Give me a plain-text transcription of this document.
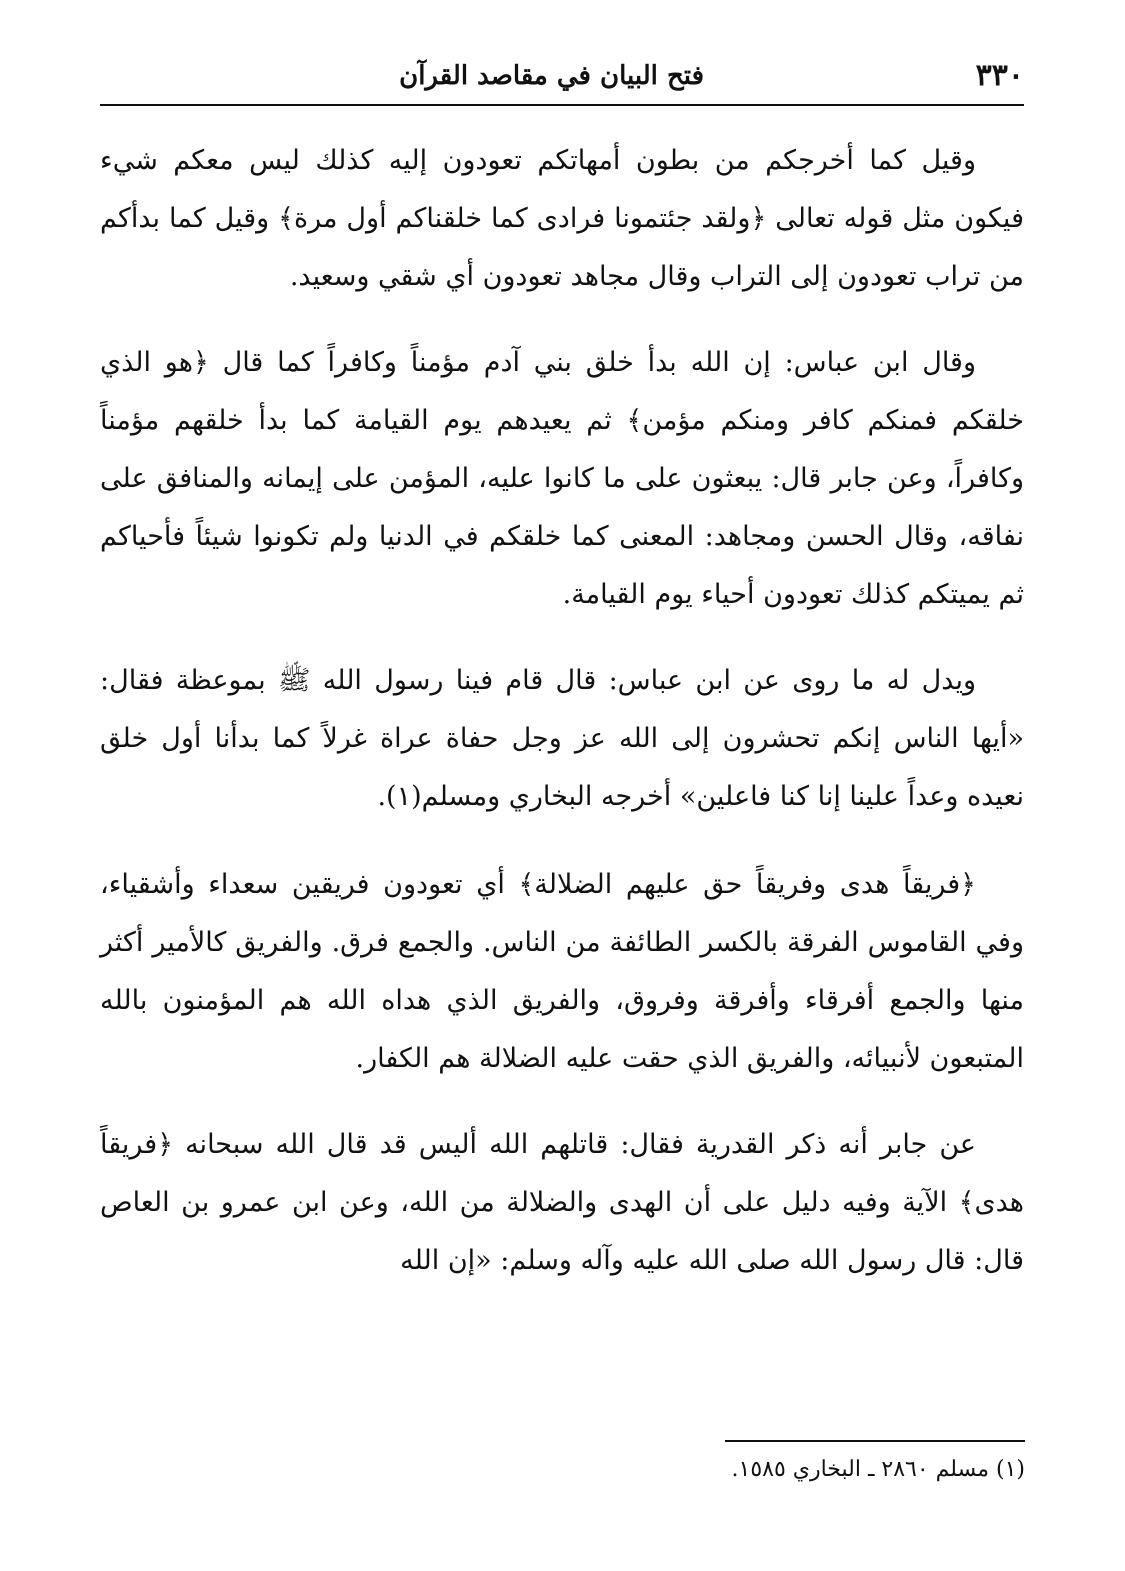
٣٣٠
فتح البيان في مقاصد القرآن

وقيل كما أخرجكم من بطون أمهاتكم تعودون إليه كذلك ليس معكم شيء فيكون مثل قوله تعالى ﴿ولقد جئتمونا فرادى كما خلقناكم أول مرة﴾ وقيل كما بدأكم من تراب تعودون إلى التراب وقال مجاهد تعودون أي شقي وسعيد.

وقال ابن عباس: إن الله بدأ خلق بني آدم مؤمناً وكافراً كما قال ﴿هو الذي خلقكم فمنكم كافر ومنكم مؤمن﴾ ثم يعيدهم يوم القيامة كما بدأ خلقهم مؤمناً وكافراً، وعن جابر قال: يبعثون على ما كانوا عليه، المؤمن على إيمانه والمنافق على نفاقه، وقال الحسن ومجاهد: المعنى كما خلقكم في الدنيا ولم تكونوا شيئاً فأحياكم ثم يميتكم كذلك تعودون أحياء يوم القيامة.

ويدل له ما روى عن ابن عباس: قال قام فينا رسول الله ﷺ بموعظة فقال: «أيها الناس إنكم تحشرون إلى الله عز وجل حفاة عراة غرلاً كما بدأنا أول خلق نعيده وعداً علينا إنا كنا فاعلين» أخرجه البخاري ومسلم(١).

﴿فريقاً هدى وفريقاً حق عليهم الضلالة﴾ أي تعودون فريقين سعداء وأشقياء، وفي القاموس الفرقة بالكسر الطائفة من الناس. والجمع فرق. والفريق كالأمير أكثر منها والجمع أفرقاء وأفرقة وفروق، والفريق الذي هداه الله هم المؤمنون بالله المتبعون لأنبيائه، والفريق الذي حقت عليه الضلالة هم الكفار.

عن جابر أنه ذكر القدرية فقال: قاتلهم الله أليس قد قال الله سبحانه ﴿فريقاً هدى﴾ الآية وفيه دليل على أن الهدى والضلالة من الله، وعن ابن عمرو بن العاص قال: قال رسول الله صلى الله عليه وآله وسلم: «إن الله

(١) مسلم ٢٨٦٠ ـ البخاري ١٥٨٥.
